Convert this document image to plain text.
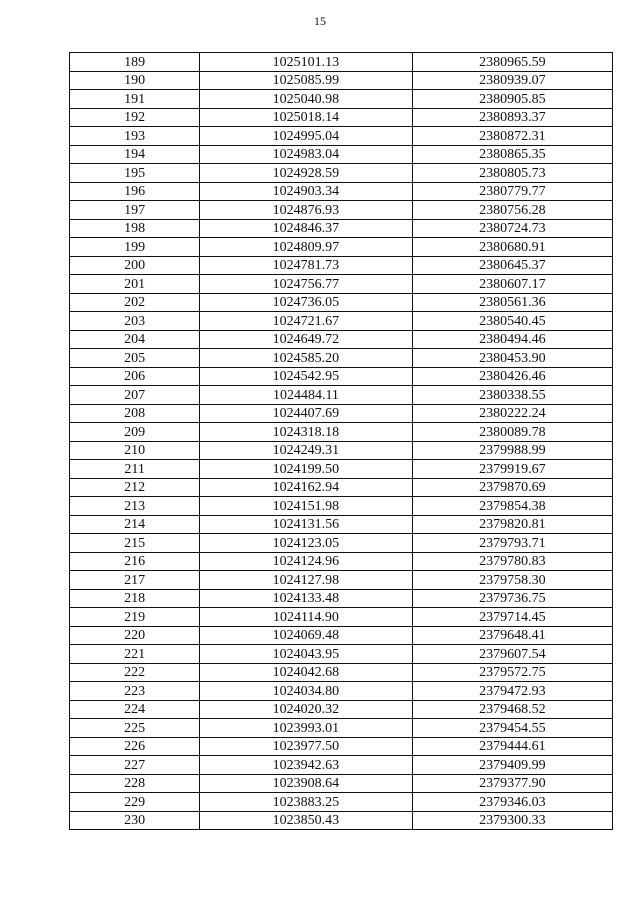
15
189	1025101.13	2380965.59
190	1025085.99	2380939.07
191	1025040.98	2380905.85
192	1025018.14	2380893.37
193	1024995.04	2380872.31
194	1024983.04	2380865.35
195	1024928.59	2380805.73
196	1024903.34	2380779.77
197	1024876.93	2380756.28
198	1024846.37	2380724.73
199	1024809.97	2380680.91
200	1024781.73	2380645.37
201	1024756.77	2380607.17
202	1024736.05	2380561.36
203	1024721.67	2380540.45
204	1024649.72	2380494.46
205	1024585.20	2380453.90
206	1024542.95	2380426.46
207	1024484.11	2380338.55
208	1024407.69	2380222.24
209	1024318.18	2380089.78
210	1024249.31	2379988.99
211	1024199.50	2379919.67
212	1024162.94	2379870.69
213	1024151.98	2379854.38
214	1024131.56	2379820.81
215	1024123.05	2379793.71
216	1024124.96	2379780.83
217	1024127.98	2379758.30
218	1024133.48	2379736.75
219	1024114.90	2379714.45
220	1024069.48	2379648.41
221	1024043.95	2379607.54
222	1024042.68	2379572.75
223	1024034.80	2379472.93
224	1024020.32	2379468.52
225	1023993.01	2379454.55
226	1023977.50	2379444.61
227	1023942.63	2379409.99
228	1023908.64	2379377.90
229	1023883.25	2379346.03
230	1023850.43	2379300.33
